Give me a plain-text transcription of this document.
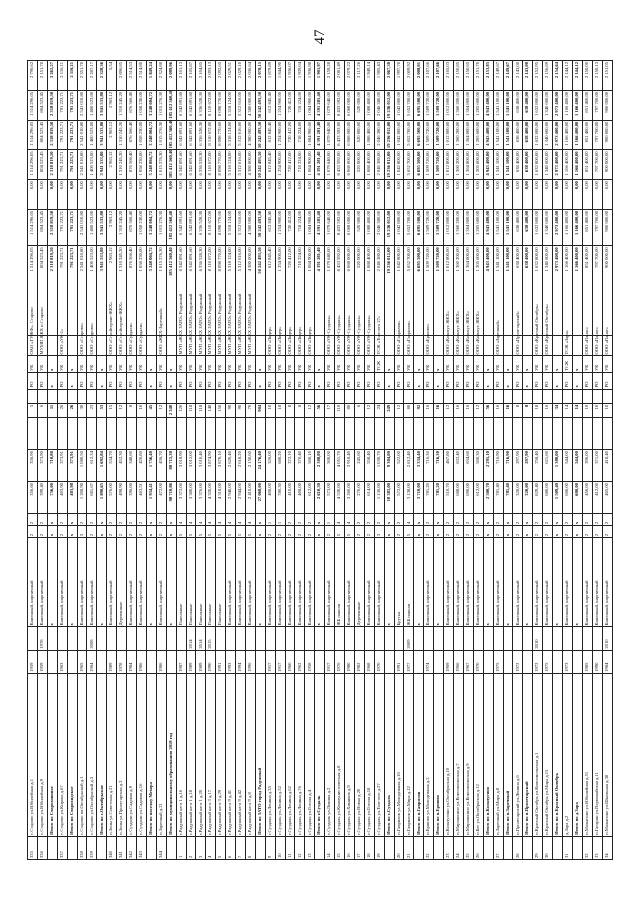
47
335	с.Старово ул.Юбилейная д.1	1959		Каменный, кирпичный	2	2	356,60	336,90		5		РО	УК	ОАО «ГУЖФ», Старово	1 514 296,05	1 514 296,05	0,00	1 514 296,05	1 514 296,05	1 514 296,05	2 790,62
336	с.Старово ул.Юбилейная д.9	1959	1978	Каменный, кирпичный	2	2	399,40	373,90		6		РО	УК	МУМП ЖКХ п.Старово	804 523,45	804 523,45	0,00	804 523,45	804 523,45	804 523,45	2 151,70
	Итого по Староховиное			х	х	х	756,00	710,80		11		х	х		2 318 819,50	2 318 819,50	0,00	2 318 819,50	2 318 819,50	2 318 819,50	3 262,27
337	с.Старово ул.Кирова д.67	1963		Каменный, кирпичный	2	2	403,98	373,91		26		РО	УК	ООО «УК-1»	791 223,71	791 223,71	0,00	791 223,71	791 223,71	791 223,71	2 116,11
	Итого по Старохидское			х	х	х	403,98	373,91		26		х	х		791 223,71	791 223,71	0,00	791 223,71	791 223,71	791 223,71	2 116,11
338	с.Старово пл.Октябрьской д.1	1965		Каменный, кирпичный	3	2	1 208,98	1 080,50		30		РО	УК	ООО «Старово»	2 541 010,80	2 541 010,80	0,00	2 541 010,80	2 541 010,80	2 541 010,80	2 351,70
339	с.Старово ул.Октябрьской д.3	1964	2008	Каменный, кирпичный	2	2	681,67	612,34		23		РО	УК	ООО «Старово»	1 400 523,00	1 400 523,00	0,00	1 400 523,00	1 400 523,00	1 400 523,00	2 287,17
	Итого по с.Октябрьское			х	х	х	1 890,65	1 692,84		53		х	х		3 941 533,80	3 941 533,80	0,00	3 941 533,80	3 941 533,80	3 941 533,80	2 328,36
340	п.Зоны ул.Советская д.21	1989		Каменный, кирпичный	2	2	576,00	534,70		15		РО	УК	ООО «Стройсервис-ЖКХ»	2 963,12	2 963,12	0,00	2 963,12	2 963,12	2 963,12	5,54
341	п.Зоны ул.Пролетарская д.3	1978		Деревянные	2	2	498,90	452,30		12		РО	УК	ООО «Стройсервис-ЖКХ»	1 310 245,20	1 310 245,20	0,00	1 310 245,20	1 310 245,20	1 310 245,20	2 896,85
342	с.Суздали ул.Садовая д.9	1984		Каменный, кирпичный	2	2	396,00	348,60		8		РО	УК	ООО «Суздали»	876 566,40	876 566,40	0,00	876 566,40	876 566,40	876 566,40	2 514,53
343	с.Суздали ул.Садовая д.16	1986		Каменный, кирпичный	2	2	463,51	420,80		10		РО	УК	ООО «Суздали»	1 058 230,00	1 058 230,00	0,00	1 058 230,00	1 058 230,00	1 058 230,00	2 514,80
	Итого по поселку Мехора			х	х	х	1 934,41	1 756,40		45		х	х		3 248 004,72	3 248 004,72	0,00	3 248 004,72	3 248 004,72	3 248 004,72	1 849,24
344	п.Заречный д.21	1986		Каменный, кирпичный	2	2	472,00	436,70		12		РО	УК	ООО «ЖКХ-Заречный»	1 015 276,30	1 015 276,30	0,00	1 015 276,30	1 015 276,30	1 015 276,30	2 324,88
	Итого по муниципальному образованию 2018 год			х	х	х	98 710,86	88 715,30		2 340		х	х		185 412 560,40	185 412 560,40	0,00	185 412 560,40	185 412 560,40	185 412 560,40	2 089,96
1	г.Радужный кв-л 1 д.16	1987		Панельные	5	4	3 372,00	3 018,90		120		РО	УК	МУП «ЖКХ ЗАТО» Радужный	6 342 891,60	6 342 891,60	0,00	6 342 891,60	6 342 891,60	6 342 891,60	2 101,13
2	г.Радужный кв-л 1 д.18	1989	2014	Панельные	5	4	3 380,00	3 012,00		118		РО	УК	МУП «ЖКХ ЗАТО» Радужный	6 342 891,60	6 342 891,60	0,00	6 342 891,60	6 342 891,60	6 342 891,60	2 105,87
3	г.Радужный кв-л 1 д.20	1989	2014	Панельные	5	4	3 376,00	3 010,40		118		РО	УК	МУП «ЖКХ ЗАТО» Радужный	6 336 528,30	6 336 528,30	0,00	6 336 528,30	6 336 528,30	6 336 528,30	2 104,85
4	г.Радужный кв-л 3 д.17	1990	2015	Панельные	5	4	4 320,00	3 874,90		148		РО	УК	МУП «ЖКХ ЗАТО» Радужный	8 110 672,00	8 110 672,00	0,00	8 110 672,00	8 110 672,00	8 110 672,00	2 093,13
5	г.Радужный кв-л 3 д.29	1991		Панельные	5	4	4 318,00	3 870,10		150		РО	УК	МУП «ЖКХ ЗАТО» Радужный	8 098 770,00	8 098 770,00	0,00	8 098 770,00	8 098 770,00	8 098 770,00	2 092,65
6	г.Радужный кв-л 9 д.41	1993		Каменный, кирпичный	5	4	2 948,00	2 620,40		90		РО	УК	МУП «ЖКХ ЗАТО» Радужный	5 318 124,00	5 318 124,00	0,00	5 318 124,00	5 318 124,00	5 318 124,00	2 029,51
7	г.Радужный кв-л 9 д.42	1994		Каменный, кирпичный	5	4	2 944,00	2 618,20		90		РО	УК	МУП «ЖКХ ЗАТО» Радужный	5 312 616,00	5 312 616,00	0,00	5 312 616,00	5 312 616,00	5 312 616,00	2 029,10
8	г.Радужный кв-л 9 д.8	1996		Каменный, кирпичный	5	4	2 410,00	2 150,60		70		РО	УК	МУП «ЖКХ ЗАТО» Радужный	4 380 000,00	4 380 000,00	0,00	4 380 000,00	4 380 000,00	4 380 000,00	2 036,64
	Итого по ЗАТО город Радужный			х	х	х	27 068,00	24 176,40		904		х	х		50 242 493,50	50 242 493,50	0,00	50 242 493,50	50 242 493,50	50 242 493,50	2 078,15
9	г.Суздаль ул.Ленина д.35	1917		Каменный, кирпичный	2	1	400,00	326,00		10		РО	УК	ООО «Лидер»	612 845,40	612 845,40	0,00	612 845,40	612 845,40	612 845,40	1 879,89
10	г.Суздаль ул.Ленина д.52	1917		Каменный, кирпичный	2	1	780,30	680,20		18		РО	УК	ООО «Лидер»	1 254 900,00	1 254 900,00	0,00	1 254 900,00	1 254 900,00	1 254 900,00	1 844,90
11	г.Суздаль ул.Ленина д.62	1960		Каменный, кирпичный	2	2	410,00	372,10		8		РО	УК	ООО «Лидер»	720 412,00	720 412,00	0,00	720 412,00	720 412,00	720 412,00	1 936,07
12	г.Суздаль ул.Ленина д.76	1962		Каменный, кирпичный	2	2	408,00	370,40		8		РО	УК	ООО «Лидер»	718 224,00	718 224,00	0,00	718 224,00	718 224,00	718 224,00	1 939,04
13	г.Суздаль ул.Гоголя д.4	1958		Каменный, кирпичный	2	2	612,00	560,10		12		РО	УК	ООО «Лидер»	1 084 900,00	1 084 900,00	0,00	1 084 900,00	1 084 900,00	1 084 900,00	1 936,98
	Итого по г.Суздаль			х	х	х	2 610,30	2 308,80		56		х	х		4 391 281,40	4 391 281,40	0,00	4 391 281,40	4 391 281,40	4 391 281,40	1 901,97
14	с.Суздаль ул.Ленина д.2	1917		Каменный, кирпичный	2	1	573,00	500,00		17		РО	УК	ООО «УК-Суздаль»	1 079 640,00	1 079 640,00	0,00	1 079 640,00	1 079 640,00	1 079 640,00	2 159,28
15	г.Суздаль ул.Коммунистическая д.8	1976		ЖБ панели	5	4	4 530,00	4 051,70		110		РО	УК	ООО «УК-Суздаль»	8 433 592,00	8 433 592,00	0,00	8 433 592,00	8 433 592,00	8 433 592,00	2 081,49
16	г.Суздаль ул.Химиков д.9	1980		Каменный, кирпичный	5	4	3 260,00	2 918,40		80		РО	УК	ООО «УК-Суздаль»	6 068 000,00	6 068 000,00	0,00	6 068 000,00	6 068 000,00	6 068 000,00	2 079,22
17	г.Суздаль ул.Новая д.20	1982		Деревянные	2	2	270,00	245,60		6		РО	УК	ООО «УК-Суздаль»	520 000,00	520 000,00	0,00	520 000,00	520 000,00	520 000,00	2 117,26
18	г.Суздаль ул.Гоголя д.18	1968		Каменный, кирпичный	2	2	614,00	558,40		12		РО	УК	ООО «УК-Суздаль»	1 088 400,00	1 088 400,00	0,00	1 088 400,00	1 088 400,00	1 088 400,00	1 949,14
19	г.Суздаль ул.Толстого д.27	1970		Каменный, кирпичный	3	2	1 136,00	1 030,70		24		РО	ТСЖ	ТСЖ «Толстого 27»	2 046 380,00	2 046 380,00	0,00	2 046 380,00	2 046 380,00	2 046 380,00	1 985,43
	Итого по с.Суздаль			х	х	х	10 383,00	9 304,80		249		х	х		19 236 012,00	19 236 012,00	0,00	19 236 012,00	19 236 012,00	19 236 012,00	2 067,30
20	п.Гаврилов ул.Молодежная д.10	1991		Брусья	2	2	572,00	522,00		12		РО	УК	ООО «Гаврилов»	1 042 800,00	1 042 800,00	0,00	1 042 800,00	1 042 800,00	1 042 800,00	1 997,70
21	п.Гаврилов ул.Мира д.12	1977	2009	ЖБ панели	5	4	3 138,00	2 812,40		80		РО	УК	ООО «Гаврилов»	5 652 700,00	5 652 700,00	0,00	5 652 700,00	5 652 700,00	5 652 700,00	2 009,92
	Итого по п.Гаврилов			х	х	х	3 710,00	3 334,40		92		х	х		6 695 500,00	6 695 500,00	0,00	6 695 500,00	6 695 500,00	6 695 500,00	2 008,01
22	п.Ершово ул.Молодежная д.3	1974		Каменный, кирпичный	2	2	781,20	716,30		16		РО	УК	ООО «Ершово»	1 509 720,00	1 509 720,00	0,00	1 509 720,00	1 509 720,00	1 509 720,00	2 107,66
	Итого по п.Ершово			х	х	х	781,20	716,30		16		х	х		1 509 720,00	1 509 720,00	0,00	1 509 720,00	1 509 720,00	1 509 720,00	2 107,66
23	п.Кольчугино ул.Октябрьская д.10	1969		Каменный, кирпичный	2	2	510,70	467,80		12		РО	УК	ООО «Кольчуг. ЖКХ»	1 012 800,00	1 012 800,00	0,00	1 012 800,00	1 012 800,00	1 012 800,00	2 165,03
24	п.Мирошкино ул.Комсомольская д.7	1966		Каменный, кирпичный	2	2	688,00	632,40		16		РО	УК	ООО «Кольчуг. ЖКХ»	1 360 200,00	1 360 200,00	0,00	1 360 200,00	1 360 200,00	1 360 200,00	2 150,85
25	п.Мирошкино ул.Комсомольская д.9	1967		Каменный, кирпичный	2	2	690,00	634,60		16		РО	УК	ООО «Кольчуг. ЖКХ»	1 364 800,00	1 364 800,00	0,00	1 364 800,00	1 364 800,00	1 364 800,00	2 150,65
26	п.Бег ул.Октябрьская д.12	1970		Каменный, кирпичный	2	2	612,00	560,30		12		РО	УК	ООО «Кольчуг. ЖКХ»	1 205 600,00	1 205 600,00	0,00	1 205 600,00	1 205 600,00	1 205 600,00	2 151,70
	Итого по п.Кольчугино			х	х	х	2 500,70	2 295,10		56		х	х		4 943 400,00	4 943 400,00	0,00	4 943 400,00	4 943 400,00	4 943 400,00	2 153,85
27	п.Заречный ул.Мира д.8	1975		Каменный, кирпичный	2	2	781,40	716,90		16		РО	УК	ООО «Заречный»	1 541 100,00	1 541 100,00	0,00	1 541 100,00	1 541 100,00	1 541 100,00	2 149,67
	Итого по п.Заречный			х	х	х	781,40	716,90		16		х	х		1 541 100,00	1 541 100,00	0,00	1 541 100,00	1 541 100,00	1 541 100,00	2 149,67
28	п.Пролетарский ул.Ленина д.6	1972		Каменный, кирпичный	2	2	320,00	297,90		8		РО	УК	ООО «Пролетарский»	638 400,00	638 400,00	0,00	638 400,00	638 400,00	638 400,00	2 143,00
	Итого по п.Пролетарский			х	х	х	320,00	297,90		8		х	х		638 400,00	638 400,00	0,00	638 400,00	638 400,00	638 400,00	2 143,00
29	п.Красный Октябрь ул.Комсомольская д.1	1972	2010	Каменный, кирпичный	2	2	829,40	758,40		18		РО	УК	ООО «Красный Октябрь»	1 632 800,00	1 632 800,00	0,00	1 632 800,00	1 632 800,00	1 632 800,00	2 152,95
30	п.Красный Октябрь ул.Мира д.15	1975		Каменный, кирпичный	2	2	680,00	621,60		16		РО	УК	ООО «Красный Октябрь»	1 340 600,00	1 340 600,00	0,00	1 340 600,00	1 340 600,00	1 340 600,00	2 156,69
	Итого по п.Красный Октябрь			х	х	х	1 509,40	1 380,00		34		х	х		2 973 400,00	2 973 400,00	0,00	2 973 400,00	2 973 400,00	2 973 400,00	2 154,64
31	д.Зара д.2	1973		Каменный, кирпичный	2	2	600,00	544,00		14		РО	ТСЖ	ТСЖ «Зара»	1 166 400,00	1 166 400,00	0,00	1 166 400,00	1 166 400,00	1 166 400,00	2 144,12
	Итого по д.Зара			х	х	х	600,00	544,00		14		х	х		1 166 400,00	1 166 400,00	0,00	1 166 400,00	1 166 400,00	1 166 400,00	2 144,12
32	п.Малыгино ул.Юбилейная д.51	1985		Каменный, кирпичный	2	2	450,00	396,00		10		РО	УК	ООО «Панас»	851 400,00	851 400,00	0,00	851 400,00	851 400,00	851 400,00	2 150,00
33	п.Гагарин ул.Первомайская д.11	1990		Каменный, кирпичный	2	2	412,00	371,00		10		РО	УК	ООО «Панас»	797 700,00	797 700,00	0,00	797 700,00	797 700,00	797 700,00	2 150,13
34	п.Малыгино ул.Школьная д.38	1984	2010	Каменный, кирпичный	2	2	465,00	418,40		10		РО	УК	ООО «Панас»	900 000,00	900 000,00	0,00	900 000,00	900 000,00	900 000,00	2 151,05
